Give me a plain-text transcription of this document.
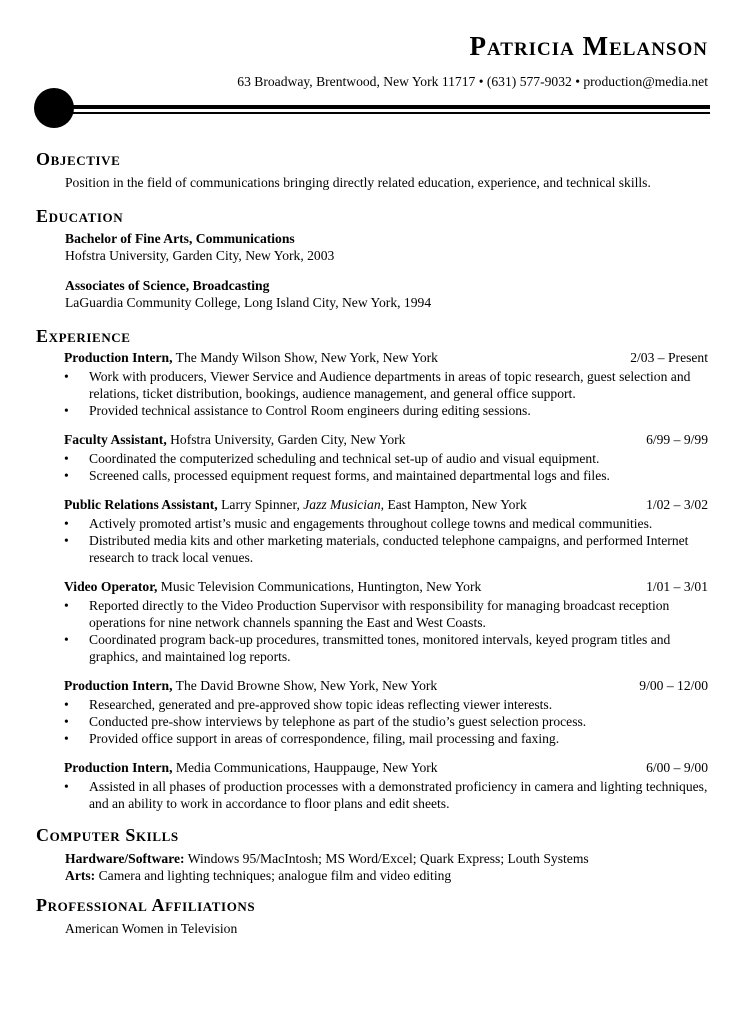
Patricia Melanson
63 Broadway, Brentwood, New York 11717 • (631) 577-9032 • production@media.net
Objective
Position in the field of communications bringing directly related education, experience, and technical skills.
Education
Bachelor of Fine Arts, Communications
Hofstra University, Garden City, New York, 2003
Associates of Science, Broadcasting
LaGuardia Community College, Long Island City, New York, 1994
Experience
Production Intern, The Mandy Wilson Show, New York, New York	2/03 – Present
• Work with producers, Viewer Service and Audience departments in areas of topic research, guest selection and relations, ticket distribution, bookings, audience management, and general office support.
• Provided technical assistance to Control Room engineers during editing sessions.
Faculty Assistant, Hofstra University, Garden City, New York	6/99 – 9/99
• Coordinated the computerized scheduling and technical set-up of audio and visual equipment.
• Screened calls, processed equipment request forms, and maintained departmental logs and files.
Public Relations Assistant, Larry Spinner, Jazz Musician, East Hampton, New York	1/02 – 3/02
• Actively promoted artist’s music and engagements throughout college towns and medical communities.
• Distributed media kits and other marketing materials, conducted telephone campaigns, and performed Internet research to track local venues.
Video Operator, Music Television Communications, Huntington, New York	1/01 – 3/01
• Reported directly to the Video Production Supervisor with responsibility for managing broadcast reception operations for nine network channels spanning the East and West Coasts.
• Coordinated program back-up procedures, transmitted tones, monitored intervals, keyed program titles and graphics, and maintained log reports.
Production Intern, The David Browne Show, New York, New York	9/00 – 12/00
• Researched, generated and pre-approved show topic ideas reflecting viewer interests.
• Conducted pre-show interviews by telephone as part of the studio’s guest selection process.
• Provided office support in areas of correspondence, filing, mail processing and faxing.
Production Intern, Media Communications, Hauppauge, New York	6/00 – 9/00
• Assisted in all phases of production processes with a demonstrated proficiency in camera and lighting techniques, and an ability to work in accordance to floor plans and edit sheets.
Computer Skills
Hardware/Software: Windows 95/MacIntosh; MS Word/Excel; Quark Express; Louth Systems
Arts: Camera and lighting techniques; analogue film and video editing
Professional Affiliations
American Women in Television
